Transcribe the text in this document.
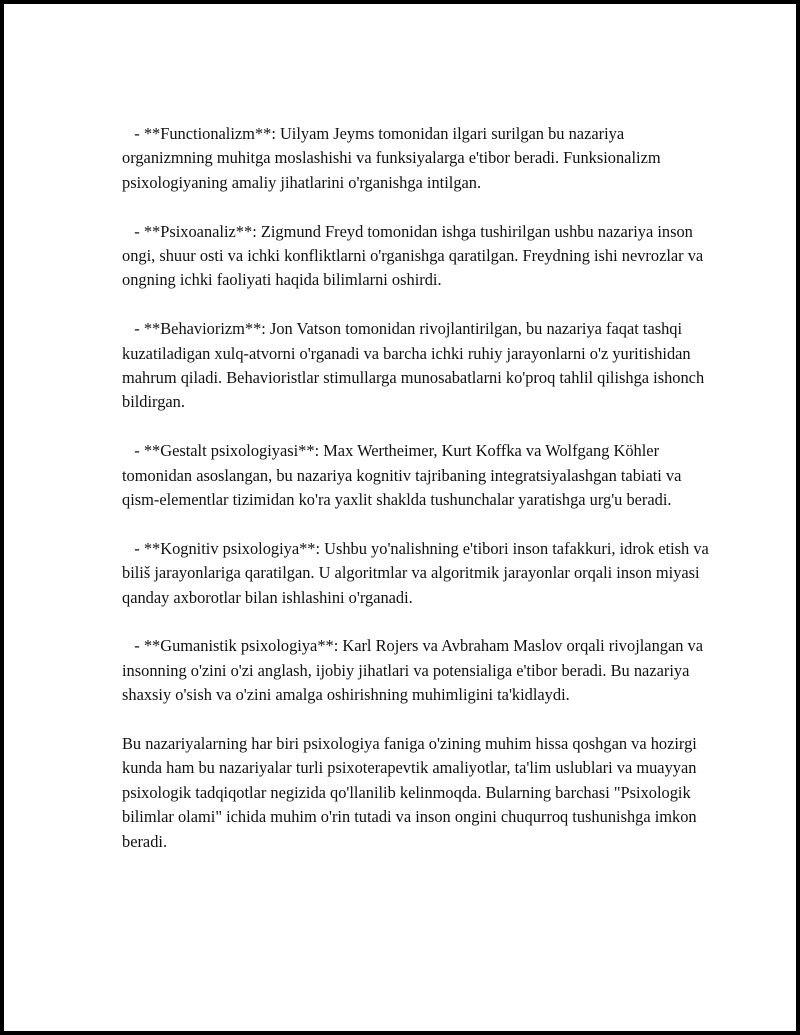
- **Functionalizm**: Uilyam Jeyms tomonidan ilgari surilgan bu nazariya organizmning muhitga moslashishi va funksiyalarga e'tibor beradi. Funksionalizm psixologiyaning amaliy jihatlarini o'rganishga intilgan.

- **Psixoanaliz**: Zigmund Freyd tomonidan ishga tushirilgan ushbu nazariya inson ongi, shuur osti va ichki konfliktlarni o'rganishga qaratilgan. Freydning ishi nevrozlar va ongning ichki faoliyati haqida bilimlarni oshirdi.

- **Behaviorizm**: Jon Vatson tomonidan rivojlantirilgan, bu nazariya faqat tashqi kuzatiladigan xulq-atvorni o'rganadi va barcha ichki ruhiy jarayonlarni o'z yuritishidan mahrum qiladi. Behavioristlar stimullarga munosabatlarni ko'proq tahlil qilishga ishonch bildirgan.

- **Gestalt psixologiyasi**: Max Wertheimer, Kurt Koffka va Wolfgang Köhler tomonidan asoslangan, bu nazariya kognitiv tajribaning integratsiyalashgan tabiati va qism-elementlar tizimidan ko'ra yaxlit shaklda tushunchalar yaratishga urg'u beradi.

- **Kognitiv psixologiya**: Ushbu yo'nalishning e'tibori inson tafakkuri, idrok etish va biliš jarayonlariga qaratilgan. U algoritmlar va algoritmik jarayonlar orqali inson miyasi qanday axborotlar bilan ishlashini o'rganadi.

- **Gumanistik psixologiya**: Karl Rojers va Avbraham Maslov orqali rivojlangan va insonning o'zini o'zi anglash, ijobiy jihatlari va potensialiga e'tibor beradi. Bu nazariya shaxsiy o'sish va o'zini amalga oshirishning muhimligini ta'kidlaydi.

Bu nazariyalarning har biri psixologiya faniga o'zining muhim hissa qoshgan va hozirgi kunda ham bu nazariyalar turli psixoterapevtik amaliyotlar, ta'lim uslublari va muayyan psixologik tadqiqotlar negizida qo'llanilib kelinmoqda. Bularning barchasi "Psixologik bilimlar olami" ichida muhim o'rin tutadi va inson ongini chuqurroq tushunishga imkon beradi.
